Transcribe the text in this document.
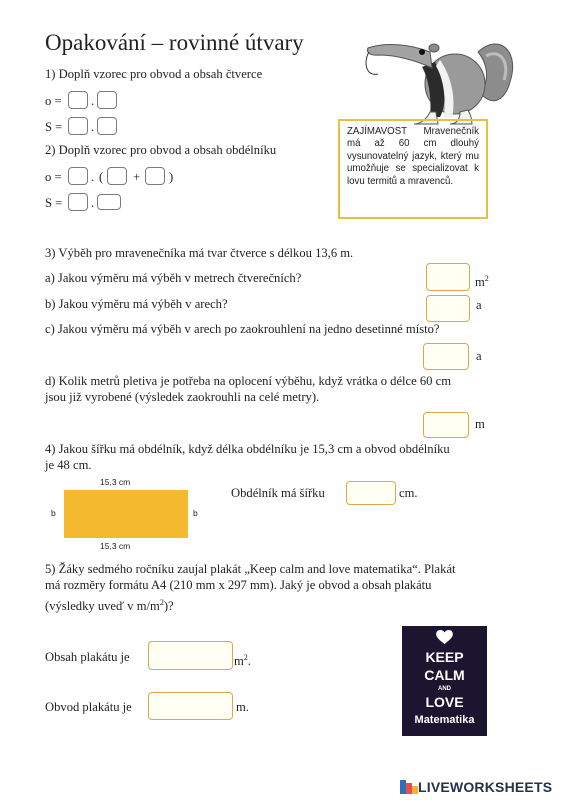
Opakování – rovinné útvary
1) Doplň vzorec pro obvod a obsah čtverce
o = .
S = .	ZAJÍMAVOST Mravenečník má až 60 cm dlouhý vysunovatelný jazyk, který mu umožňuje se specializovat k lovu termitů a mravenců.
2) Doplň vzorec pro obvod a obsah obdélníku
o = . ( + )
S = .
3) Výběh pro mravenečníka má tvar čtverce s délkou 13,6 m.
a) Jakou výměru má výběh v metrech čtverečních?	$m^2$
b) Jakou výměru má výběh v arech?	a
c) Jakou výměru má výběh v arech po zaokrouhlení na jedno desetinné místo?
a
d) Kolik metrů pletiva je potřeba na oplocení výběhu, když vrátka o délce 60 cm
jsou již vyrobené (výsledek zaokrouhli na celé metry).
m
4) Jakou šířku má obdélník, když délka obdélníku je 15,3 cm a obvod obdélníku
je 48 cm.
15,3 cm
b	b
15,3 cm
Obdélník má šířku	cm.
5) Žáky sedmého ročníku zaujal plakát „Keep calm and love matematika“. Plakát
má rozměry formátu A4 (210 mm x 297 mm). Jaký je obvod a obsah plakátu
(výsledky uveď v $m/m^2$)?
Obsah plakátu je	$m^2$.
Obvod plakátu je	m.
KEEP
CALM
AND
LOVE
Matematika
LIVEWORKSHEETS
